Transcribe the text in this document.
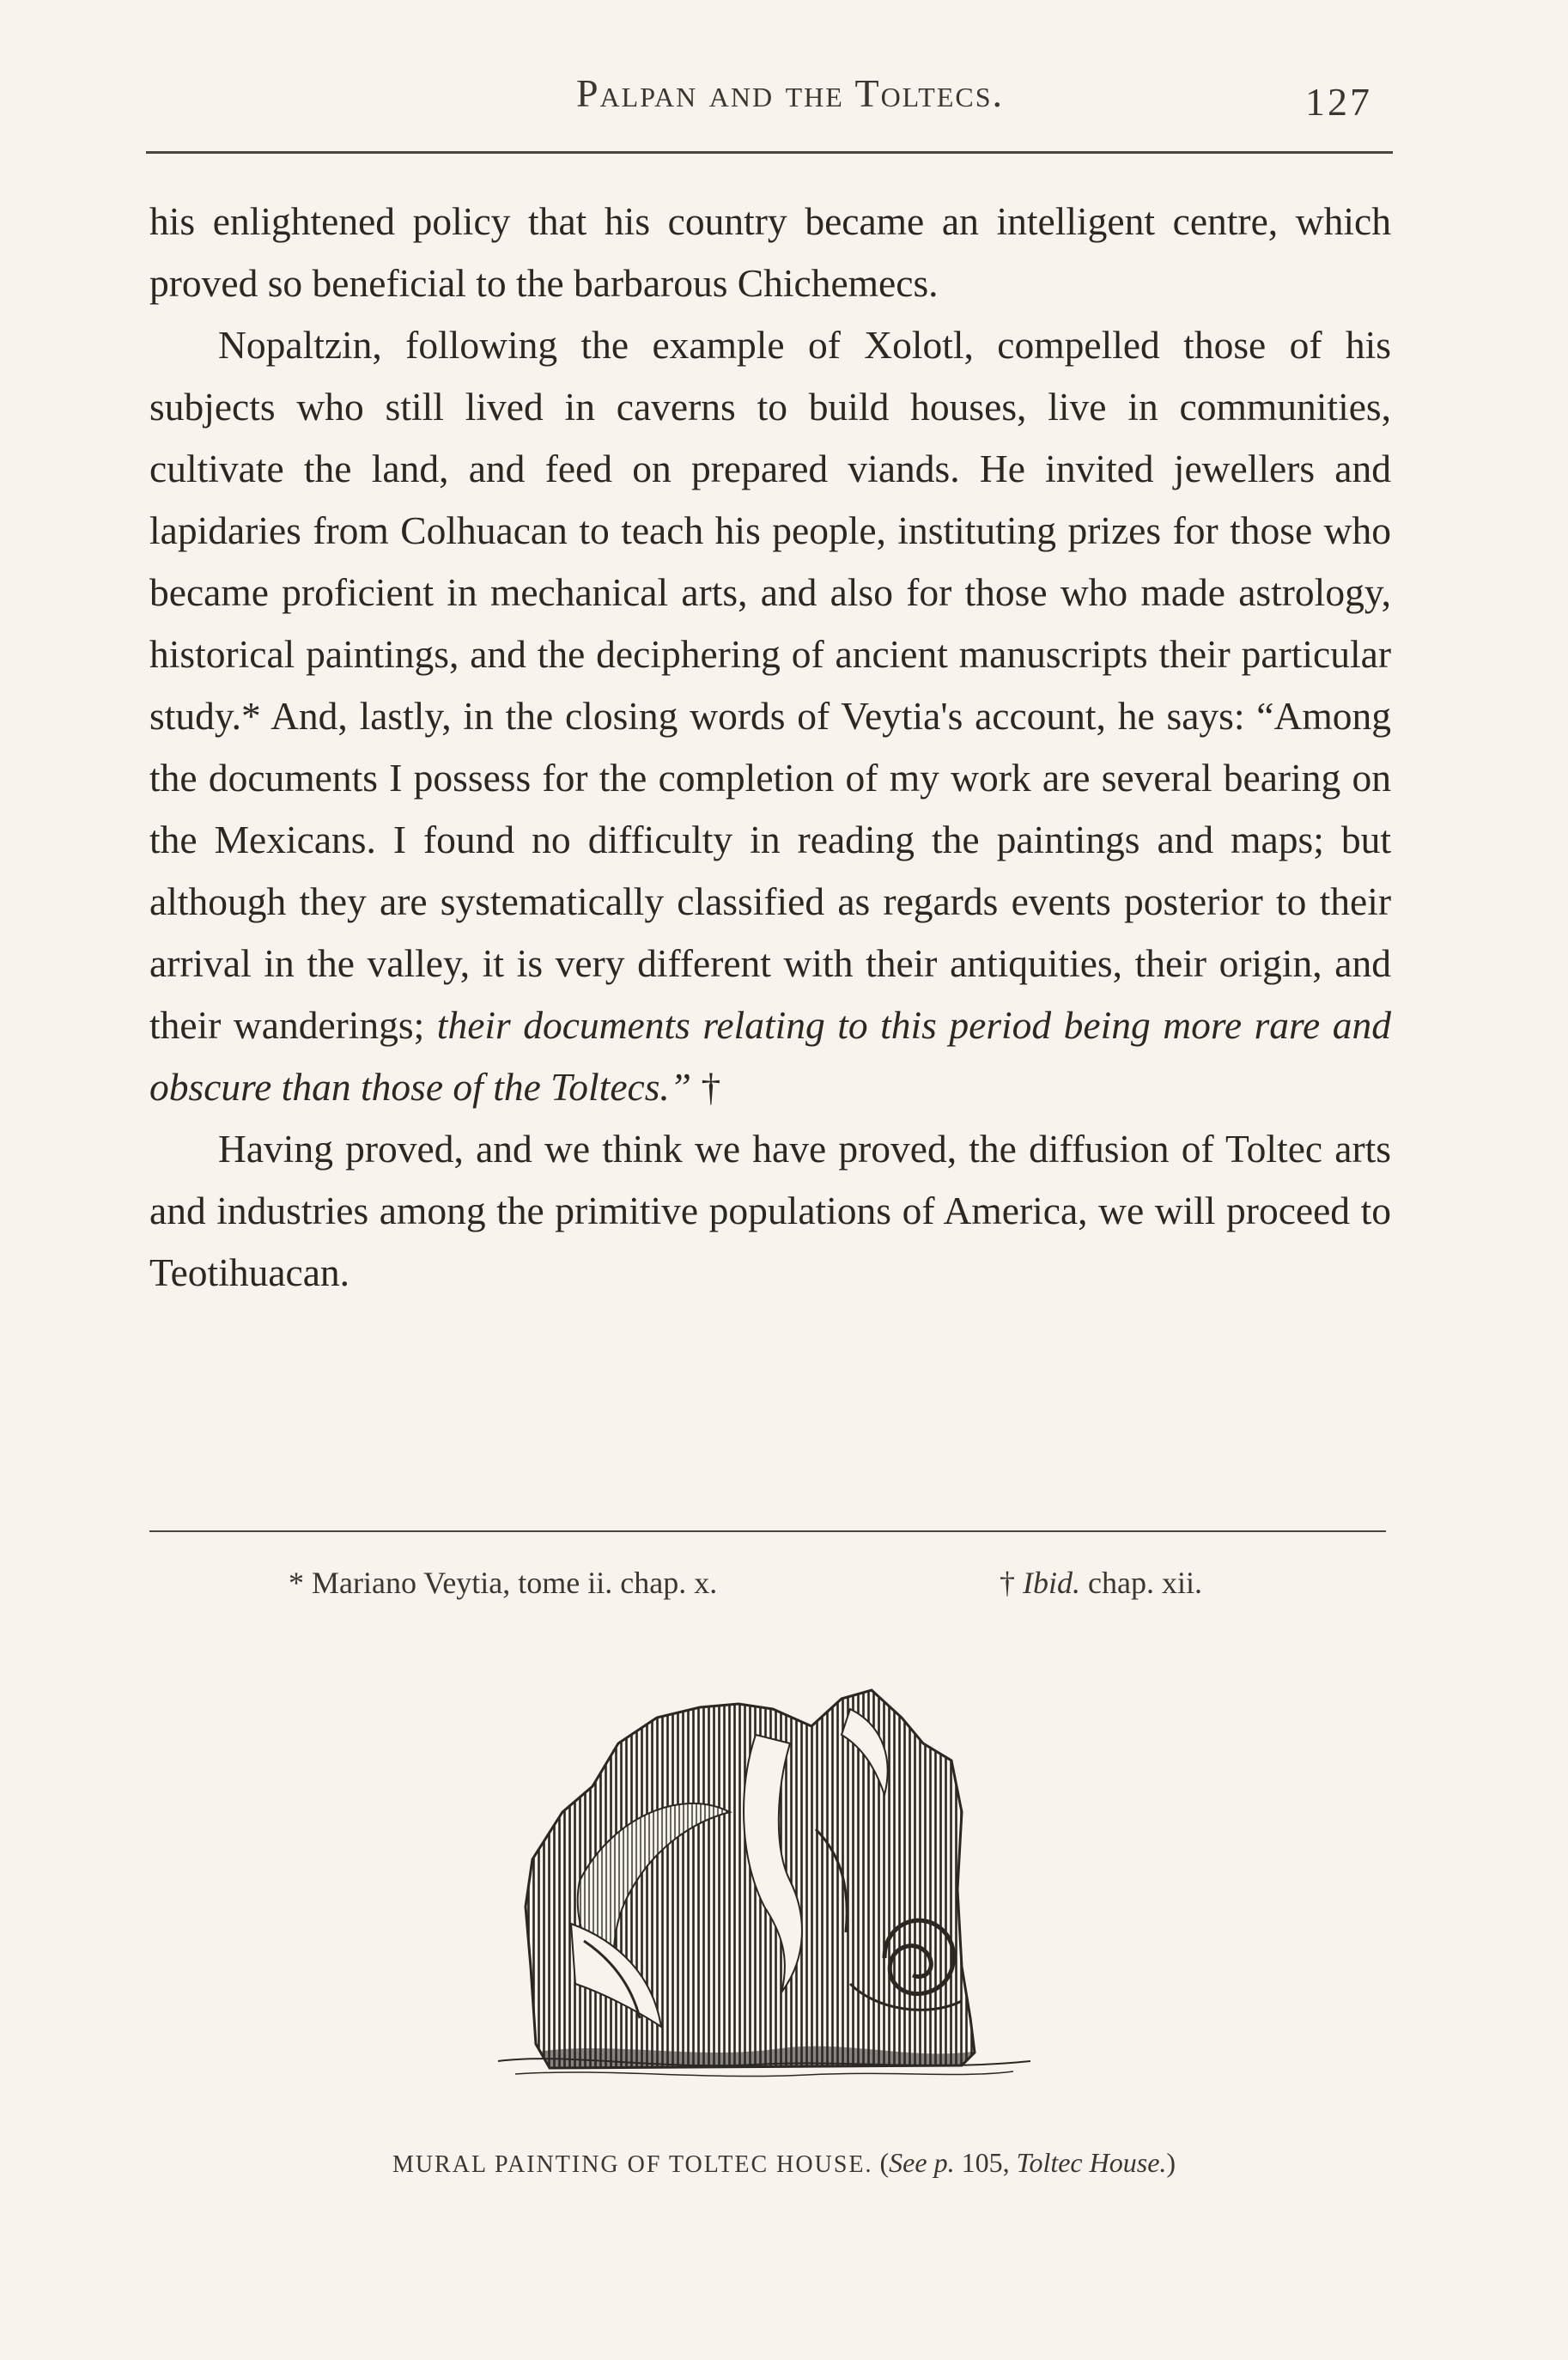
Palpan and the Toltecs.	127

his enlightened policy that his country became an intelligent centre, which proved so beneficial to the barbarous Chichemecs.

Nopaltzin, following the example of Xolotl, compelled those of his subjects who still lived in caverns to build houses, live in communities, cultivate the land, and feed on prepared viands. He invited jewellers and lapidaries from Colhuacan to teach his people, instituting prizes for those who became proficient in mechanical arts, and also for those who made astrology, historical paintings, and the deciphering of ancient manuscripts their particular study.* And, lastly, in the closing words of Veytia's account, he says: “Among the documents I possess for the completion of my work are several bearing on the Mexicans. I found no difficulty in reading the paintings and maps; but although they are systematically classified as regards events posterior to their arrival in the valley, it is very different with their antiquities, their origin, and their wanderings; their documents relating to this period being more rare and obscure than those of the Toltecs.” †

Having proved, and we think we have proved, the diffusion of Toltec arts and industries among the primitive populations of America, we will proceed to Teotihuacan.

* Mariano Veytia, tome ii. chap. x.	† Ibid. chap. xii.
MURAL PAINTING OF TOLTEC HOUSE. (See p. 105, Toltec House.)
